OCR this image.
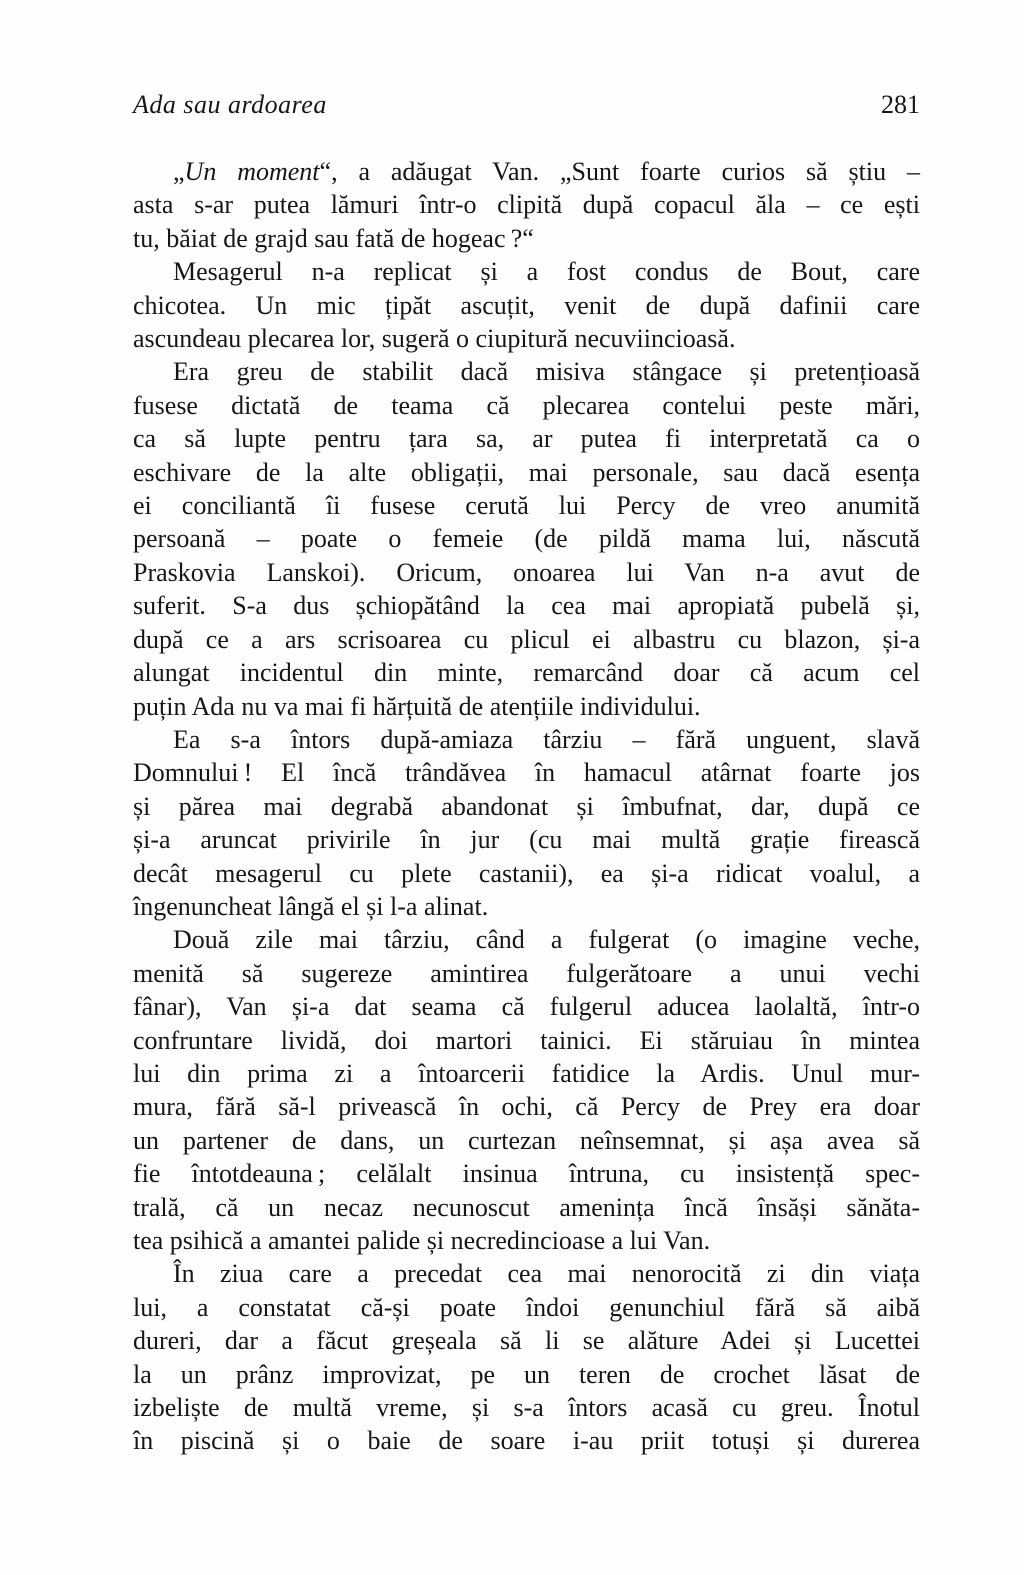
Ada sau ardoarea	281
„Un moment“, a adăugat Van. „Sunt foarte curios să știu –
asta s-ar putea lămuri într-o clipită după copacul ăla – ce ești
tu, băiat de grajd sau fată de hogeac ?“
Mesagerul n-a replicat și a fost condus de Bout, care
chicotea. Un mic țipăt ascuțit, venit de după dafinii care
ascundeau plecarea lor, sugeră o ciupitură necuviincioasă.
Era greu de stabilit dacă misiva stângace și pretențioasă
fusese dictată de teama că plecarea contelui peste mări,
ca să lupte pentru țara sa, ar putea fi interpretată ca o
eschivare de la alte obligații, mai personale, sau dacă esența
ei conciliantă îi fusese cerută lui Percy de vreo anumită
persoană – poate o femeie (de pildă mama lui, născută
Praskovia Lanskoi). Oricum, onoarea lui Van n-a avut de
suferit. S-a dus șchiopătând la cea mai apropiată pubelă și,
după ce a ars scrisoarea cu plicul ei albastru cu blazon, și-a
alungat incidentul din minte, remarcând doar că acum cel
puțin Ada nu va mai fi hărțuită de atențiile individului.
Ea s-a întors după-amiaza târziu – fără unguent, slavă
Domnului ! El încă trândăvea în hamacul atârnat foarte jos
și părea mai degrabă abandonat și îmbufnat, dar, după ce
și-a aruncat privirile în jur (cu mai multă grație firească
decât mesagerul cu plete castanii), ea și-a ridicat voalul, a
îngenuncheat lângă el și l-a alinat.
Două zile mai târziu, când a fulgerat (o imagine veche,
menită să sugereze amintirea fulgerătoare a unui vechi
fânar), Van și-a dat seama că fulgerul aducea laolaltă, într-o
confruntare lividă, doi martori tainici. Ei stăruiau în mintea
lui din prima zi a întoarcerii fatidice la Ardis. Unul mur-
mura, fără să-l privească în ochi, că Percy de Prey era doar
un partener de dans, un curtezan neînsemnat, și așa avea să
fie întotdeauna ; celălalt insinua întruna, cu insistență spec-
trală, că un necaz necunoscut amenința încă însăși sănăta-
tea psihică a amantei palide și necredincioase a lui Van.
În ziua care a precedat cea mai nenorocită zi din viața
lui, a constatat că-și poate îndoi genunchiul fără să aibă
dureri, dar a făcut greșeala să li se alăture Adei și Lucettei
la un prânz improvizat, pe un teren de crochet lăsat de
izbeliște de multă vreme, și s-a întors acasă cu greu. Înotul
în piscină și o baie de soare i-au priit totuși și durerea
